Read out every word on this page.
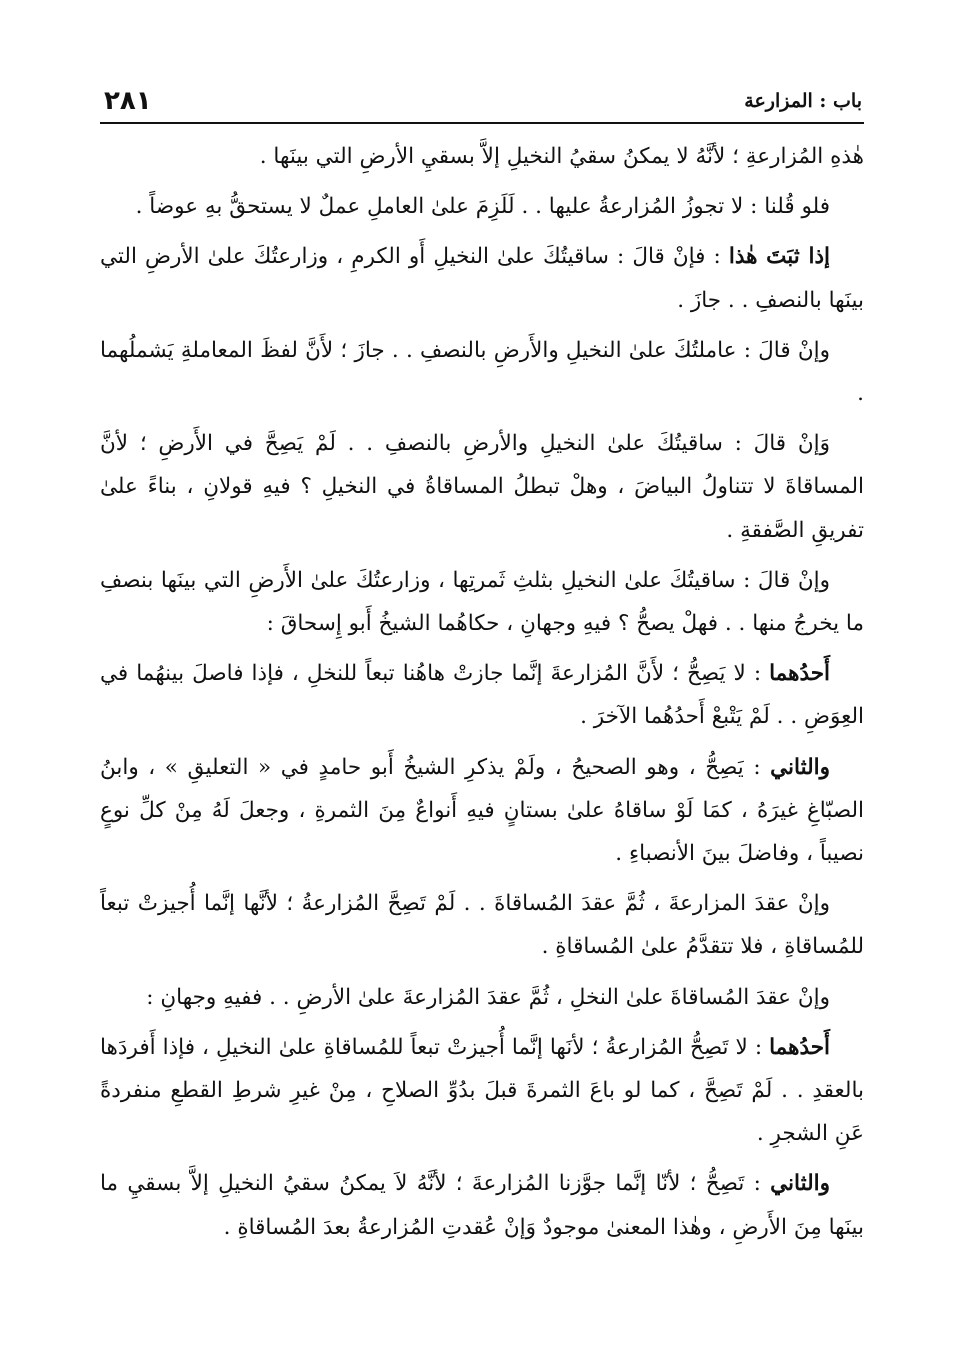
٢٨١	باب : المزارعة

هٰذهِ المُزارعةِ ؛ لأنَّهُ لا يمكنُ سقيُ النخيلِ إلاَّ بسقيِ الأرضِ التي بينَها .

فلو قُلنا : لا تجوزُ المُزارعةُ عليها . . لَلَزِمَ علىٰ العاملِ عملٌ لا يستحقُّ بهِ عوضاً .

إذا ثبَتَ هٰذا : فإنْ قالَ : ساقيتُكَ علىٰ النخيلِ أَو الكرمِ ، وزارعتُكَ علىٰ الأرضِ التي بينَها بالنصفِ . . جازَ .

وإنْ قالَ : عاملتُكَ علىٰ النخيلِ والأَرضِ بالنصفِ . . جازَ ؛ لأَنَّ لفظَ المعاملةِ يَشملُهما .

وَإنْ قالَ : ساقيتُكَ علىٰ النخيلِ والأرضِ بالنصفِ . . لَمْ يَصِحَّ في الأَرضِ ؛ لأنَّ المساقاةَ لا تتناولُ البياضَ ، وهلْ تبطلُ المساقاةُ في النخيلِ ؟ فيهِ قولانِ ، بناءً علىٰ تفريقِ الصَّفقةِ .

وإنْ قالَ : ساقيتُكَ علىٰ النخيلِ بثلثِ ثَمرتِها ، وزارعتُكَ علىٰ الأَرضِ التي بينَها بنصفِ ما يخرجُ منها . . فهلْ يصحُّ ؟ فيهِ وجهانِ ، حكاهُما الشيخُ أَبو إِسحاقَ :

أَحدُهما : لا يَصِحُّ ؛ لأَنَّ المُزارعةَ إنَّما جازتْ هاهُنا تبعاً للنخلِ ، فإذا فاصلَ بينهُما في العِوَضِ . . لَمْ يَتْبعْ أَحدُهُما الآخرَ .

والثاني : يَصِحُّ ، وهو الصحيحُ ، ولَمْ يذكرِ الشيخُ أَبو حامدٍ في « التعليقِ » ، وابنُ الصبّاغِ غيرَهُ ، كمَا لَوْ ساقاهُ علىٰ بستانٍ فيهِ أَنواعٌ مِنَ الثمرةِ ، وجعلَ لَهُ مِنْ كلِّ نوعٍ نصيباً ، وفاضلَ بينَ الأنصباءِ .

وإنْ عقدَ المزارعةَ ، ثُمَّ عقدَ المُساقاةَ . . لَمْ تَصِحَّ المُزارعةُ ؛ لأنَّها إنَّما أُجيزتْ تبعاً للمُساقاةِ ، فلا تتقدَّمُ علىٰ المُساقاةِ .

وإنْ عقدَ المُساقاةَ علىٰ النخلِ ، ثُمَّ عقدَ المُزارعةَ علىٰ الأرضِ . . ففيهِ وجهانِ :

أَحدُهما : لا تَصِحُّ المُزارعةُ ؛ لأنَها إنَّما أُجيزتْ تبعاً للمُساقاةِ علىٰ النخيلِ ، فإذا أَفردَها بالعقدِ . . لَمْ تَصِحَّ ، كما لو باعَ الثمرةَ قبلَ بدُوِّ الصلاحِ ، مِنْ غيرِ شرطِ القطعِ منفردةً عَنِ الشجرِ .

والثاني : تَصِحُّ ؛ لأنّا إنَّما جوَّزنا المُزارعةَ ؛ لأنَّهُ لاَ يمكنُ سقيُ النخيلِ إلاَّ بسقيِ ما بينَها مِنَ الأَرضِ ، وهٰذا المعنىٰ موجودٌ وَإنْ عُقدتِ المُزارعةُ بعدَ المُساقاةِ .
